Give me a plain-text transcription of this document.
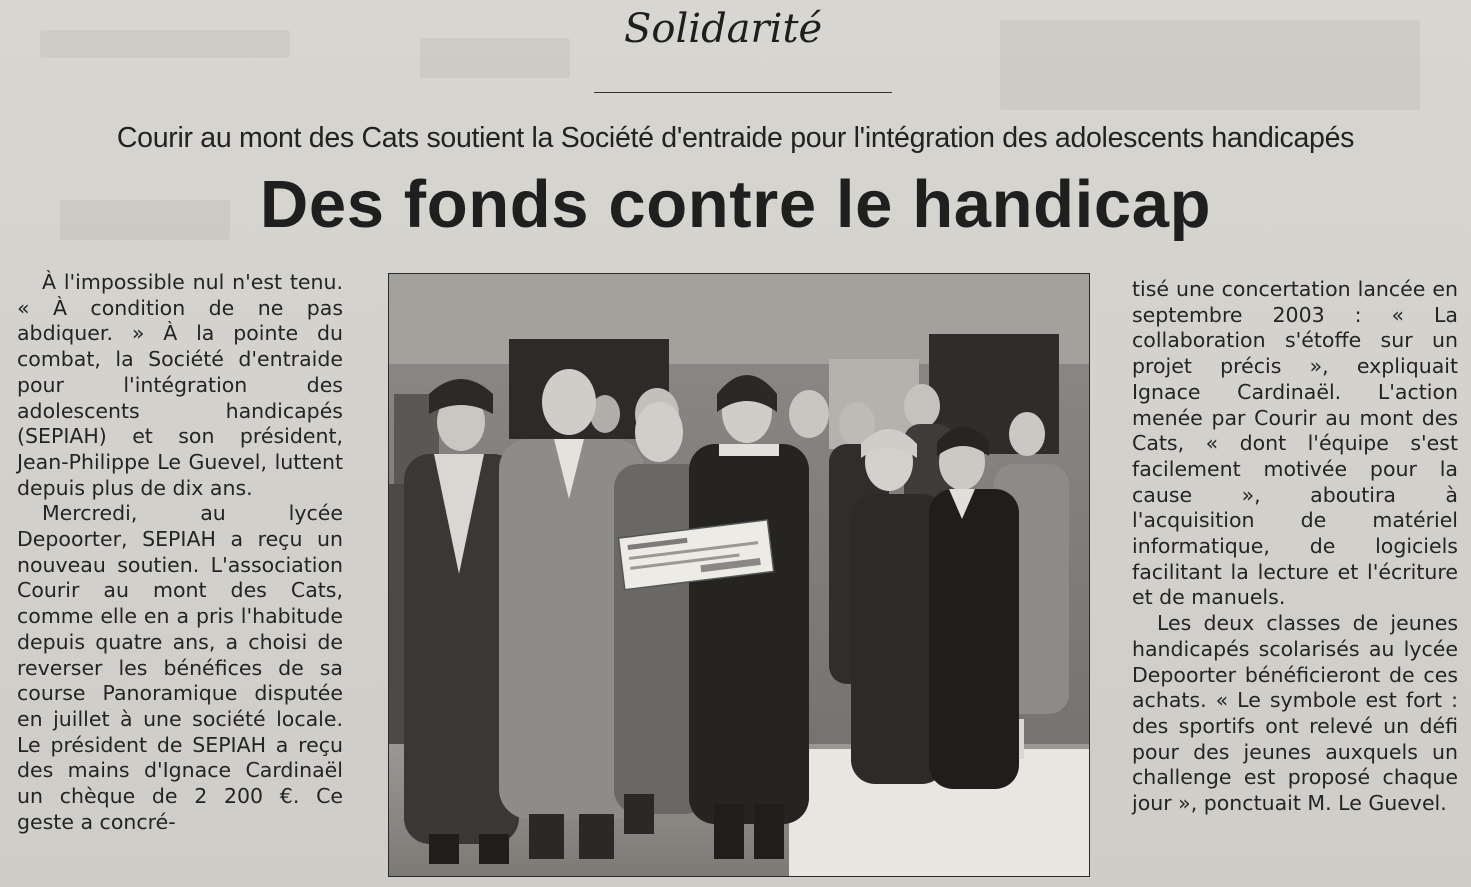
Solidarité
Courir au mont des Cats soutient la Société d'entraide pour l'intégration des adolescents handicapés
Des fonds contre le handicap

À l'impossible nul n'est tenu. « À condition de ne pas abdiquer. » À la pointe du combat, la Société d'entraide pour l'intégration des adolescents handicapés (SEPIAH) et son président, Jean-Philippe Le Guevel, luttent depuis plus de dix ans.

Mercredi, au lycée Depoorter, SEPIAH a reçu un nouveau soutien. L'association Courir au mont des Cats, comme elle en a pris l'habitude depuis quatre ans, a choisi de reverser les bénéfices de sa course Panoramique disputée en juillet à une société locale. Le président de SEPIAH a reçu des mains d'Ignace Cardinaël un chèque de 2 200 €. Ce geste a concré-

tisé une concertation lancée en septembre 2003 : « La collaboration s'étoffe sur un projet précis », expliquait Ignace Cardinaël. L'action menée par Courir au mont des Cats, « dont l'équipe s'est facilement motivée pour la cause », aboutira à l'acquisition de matériel informatique, de logiciels facilitant la lecture et l'écriture et de manuels.

Les deux classes de jeunes handicapés scolarisés au lycée Depoorter bénéficieront de ces achats. « Le symbole est fort : des sportifs ont relevé un défi pour des jeunes auxquels un challenge est proposé chaque jour », ponctuait M. Le Guevel.
